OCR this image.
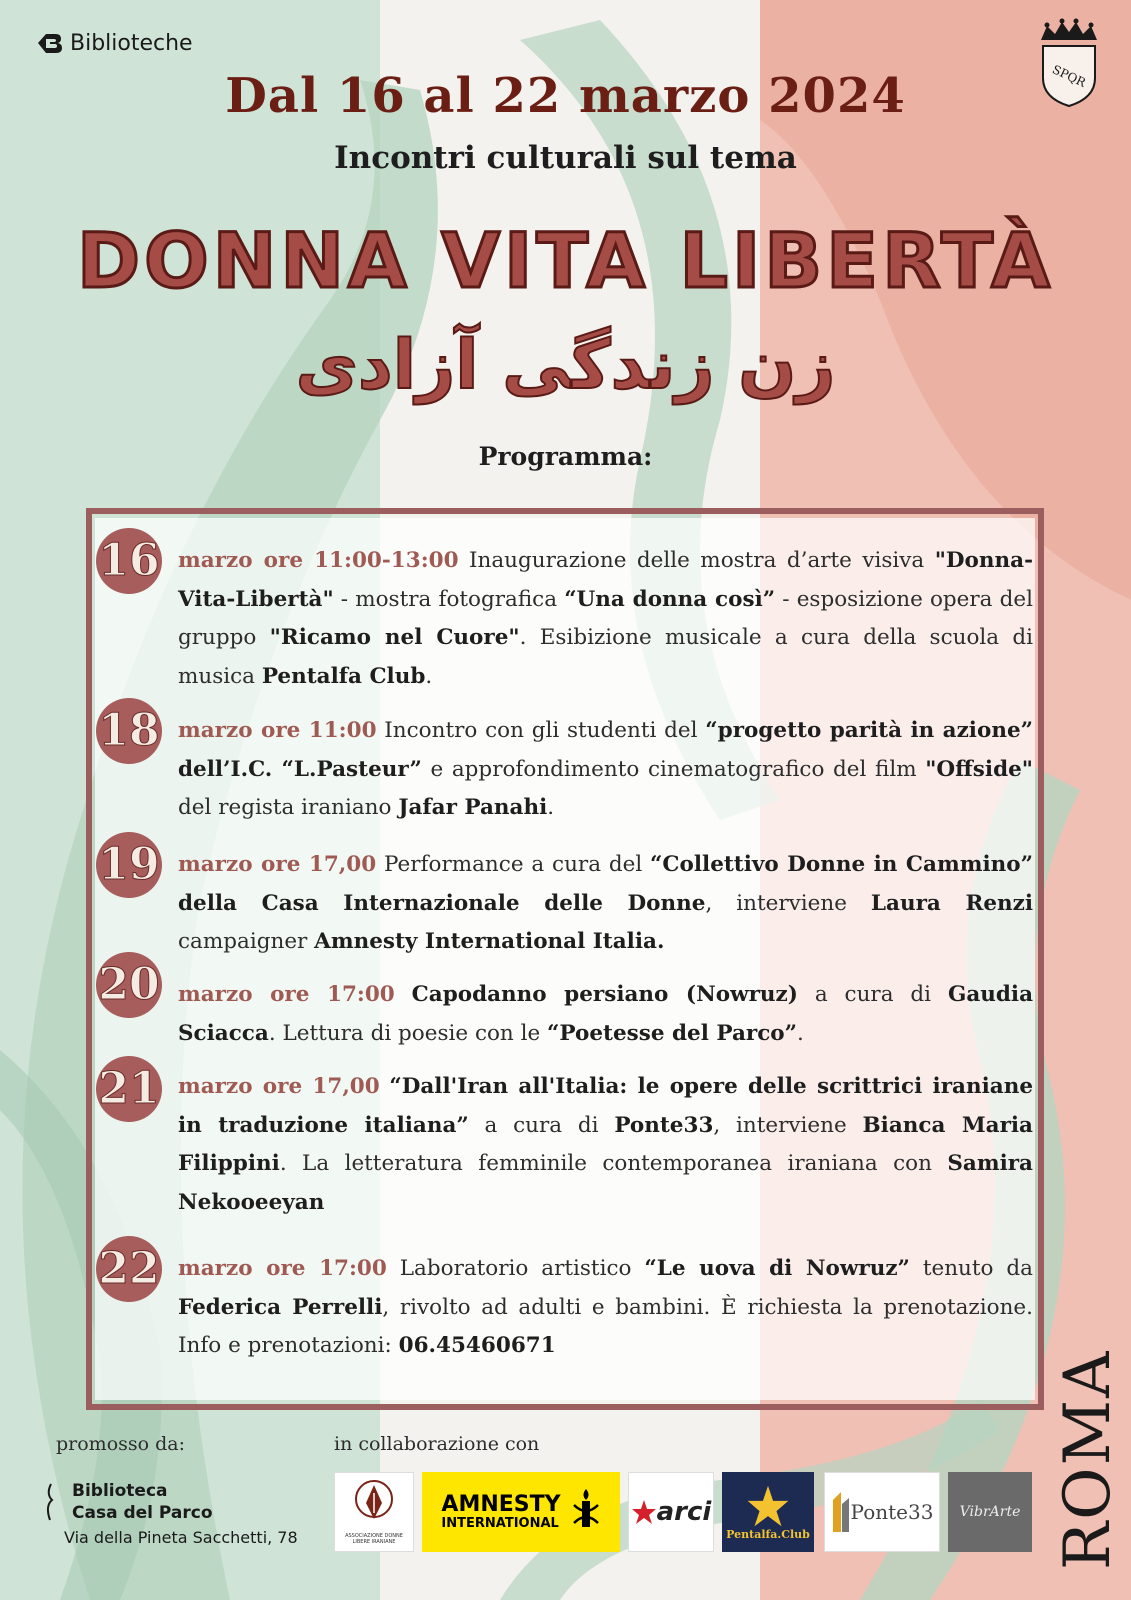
Biblioteche
SPQR
Dal 16 al 22 marzo 2024
Incontri culturali sul tema
DONNA VITA LIBERTÀ
زن زندگی آزادی
Programma:
16 marzo ore 11:00-13:00 Inaugurazione delle mostra d’arte visiva "Donna-Vita-Libertà" - mostra fotografica “Una donna così” - esposizione opera del gruppo "Ricamo nel Cuore". Esibizione musicale a cura della scuola di musica Pentalfa Club.
18 marzo ore 11:00 Incontro con gli studenti del “progetto parità in azione” dell’I.C. “L.Pasteur” e approfondimento cinematografico del film "Offside" del regista iraniano Jafar Panahi.
19 marzo ore 17,00 Performance a cura del “Collettivo Donne in Cammino” della Casa Internazionale delle Donne, interviene Laura Renzi campaigner Amnesty International Italia.
20 marzo ore 17:00 Capodanno persiano (Nowruz) a cura di Gaudia Sciacca. Lettura di poesie con le “Poetesse del Parco”.
21 marzo ore 17,00 “Dall'Iran all'Italia: le opere delle scrittrici iraniane in traduzione italiana” a cura di Ponte33, interviene Bianca Maria Filippini. La letteratura femminile contemporanea iraniana con Samira Nekooeeyan
22 marzo ore 17:00 Laboratorio artistico “Le uova di Nowruz” tenuto da Federica Perrelli, rivolto ad adulti e bambini. È richiesta la prenotazione. Info e prenotazioni: 06.45460671
promosso da:	in collaborazione con
Biblioteca
Casa del Parco
Via della Pineta Sacchetti, 78	ROMA
ASSOCIAZIONE DONNE LIBERE IRANIANE
AMNESTY
INTERNATIONAL	arci
Pentalfa.Club
Ponte33 VibrArte
